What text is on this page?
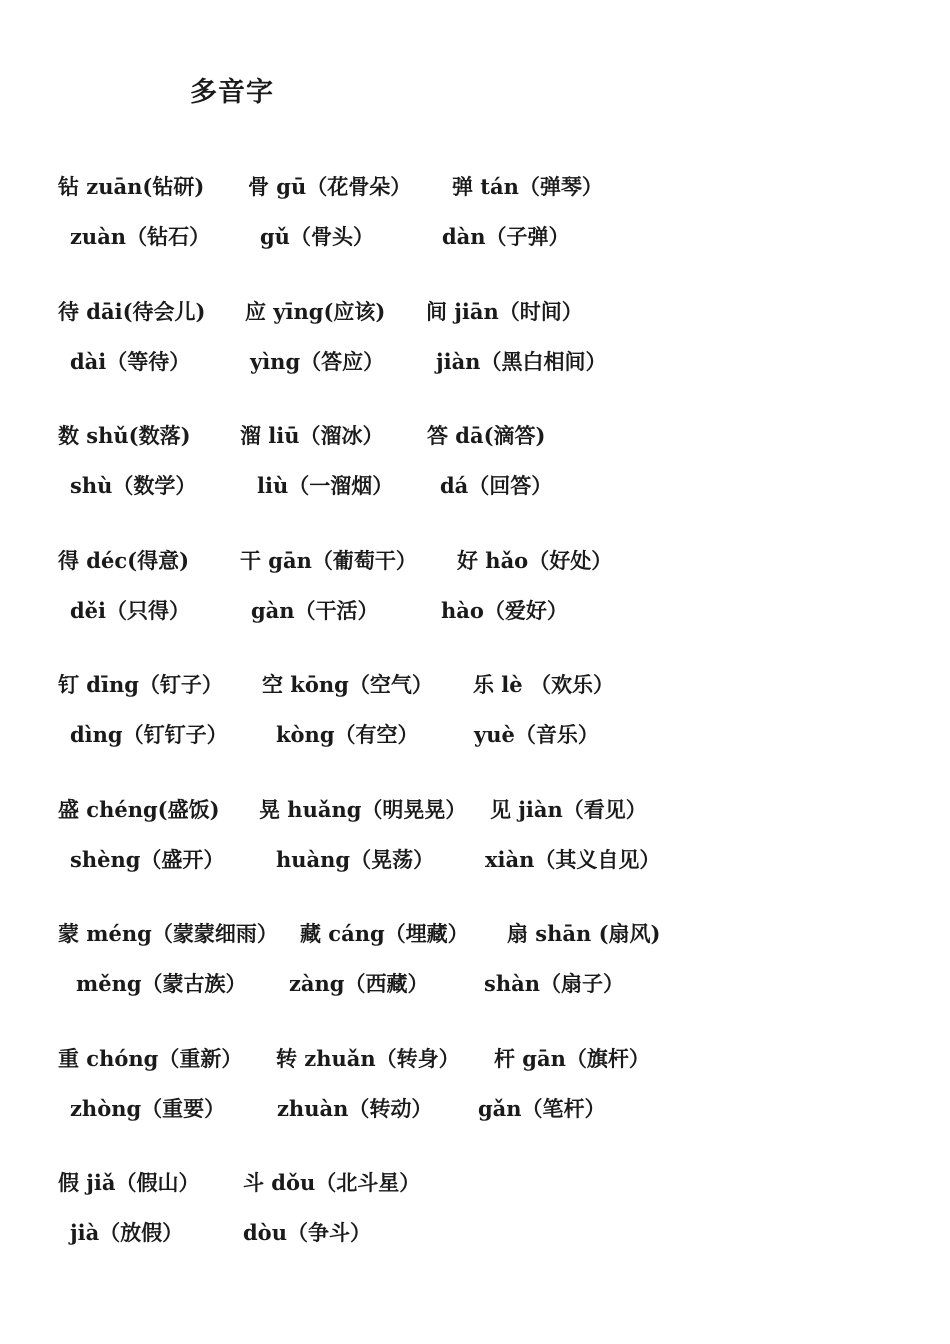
多音字
钻 zuān(钻研) 骨 gū（花骨朵） 弹 tán（弹琴）
zuàn（钻石） gǔ（骨头）	dàn（子弹）
待 dāi(待会儿) 应 yīng(应该) 间 jiān（时间）
dài（等待）	yìng（答应） jiàn（黑白相间）
数 shǔ(数落) 溜 liū（溜冰） 答 dā(滴答)
shù（数学）	liù（一溜烟） dá（回答）
得 déc(得意) 干 gān（葡萄干） 好 hǎo（好处）
děi（只得）	gàn（干活）	hào（爱好）
钉 dīng（钉子） 空 kōng（空气） 乐 lè （欢乐）
dìng（钉钉子） kòng（有空）	yuè（音乐）
盛 chéng(盛饭) 晃 huǎng（明晃晃） 见 jiàn（看见）
shèng（盛开） huàng（晃荡） xiàn（其义自见）
蒙 méng（蒙蒙细雨） 藏 cáng（埋藏） 扇 shān (扇风)
měng（蒙古族） zàng（西藏）	shàn（扇子）
重 chóng（重新） 转 zhuǎn（转身） 杆 gān（旗杆）
zhòng（重要） zhuàn（转动） gǎn（笔杆）
假 jiǎ（假山） 斗 dǒu（北斗星）
jià（放假）	dòu（争斗）
